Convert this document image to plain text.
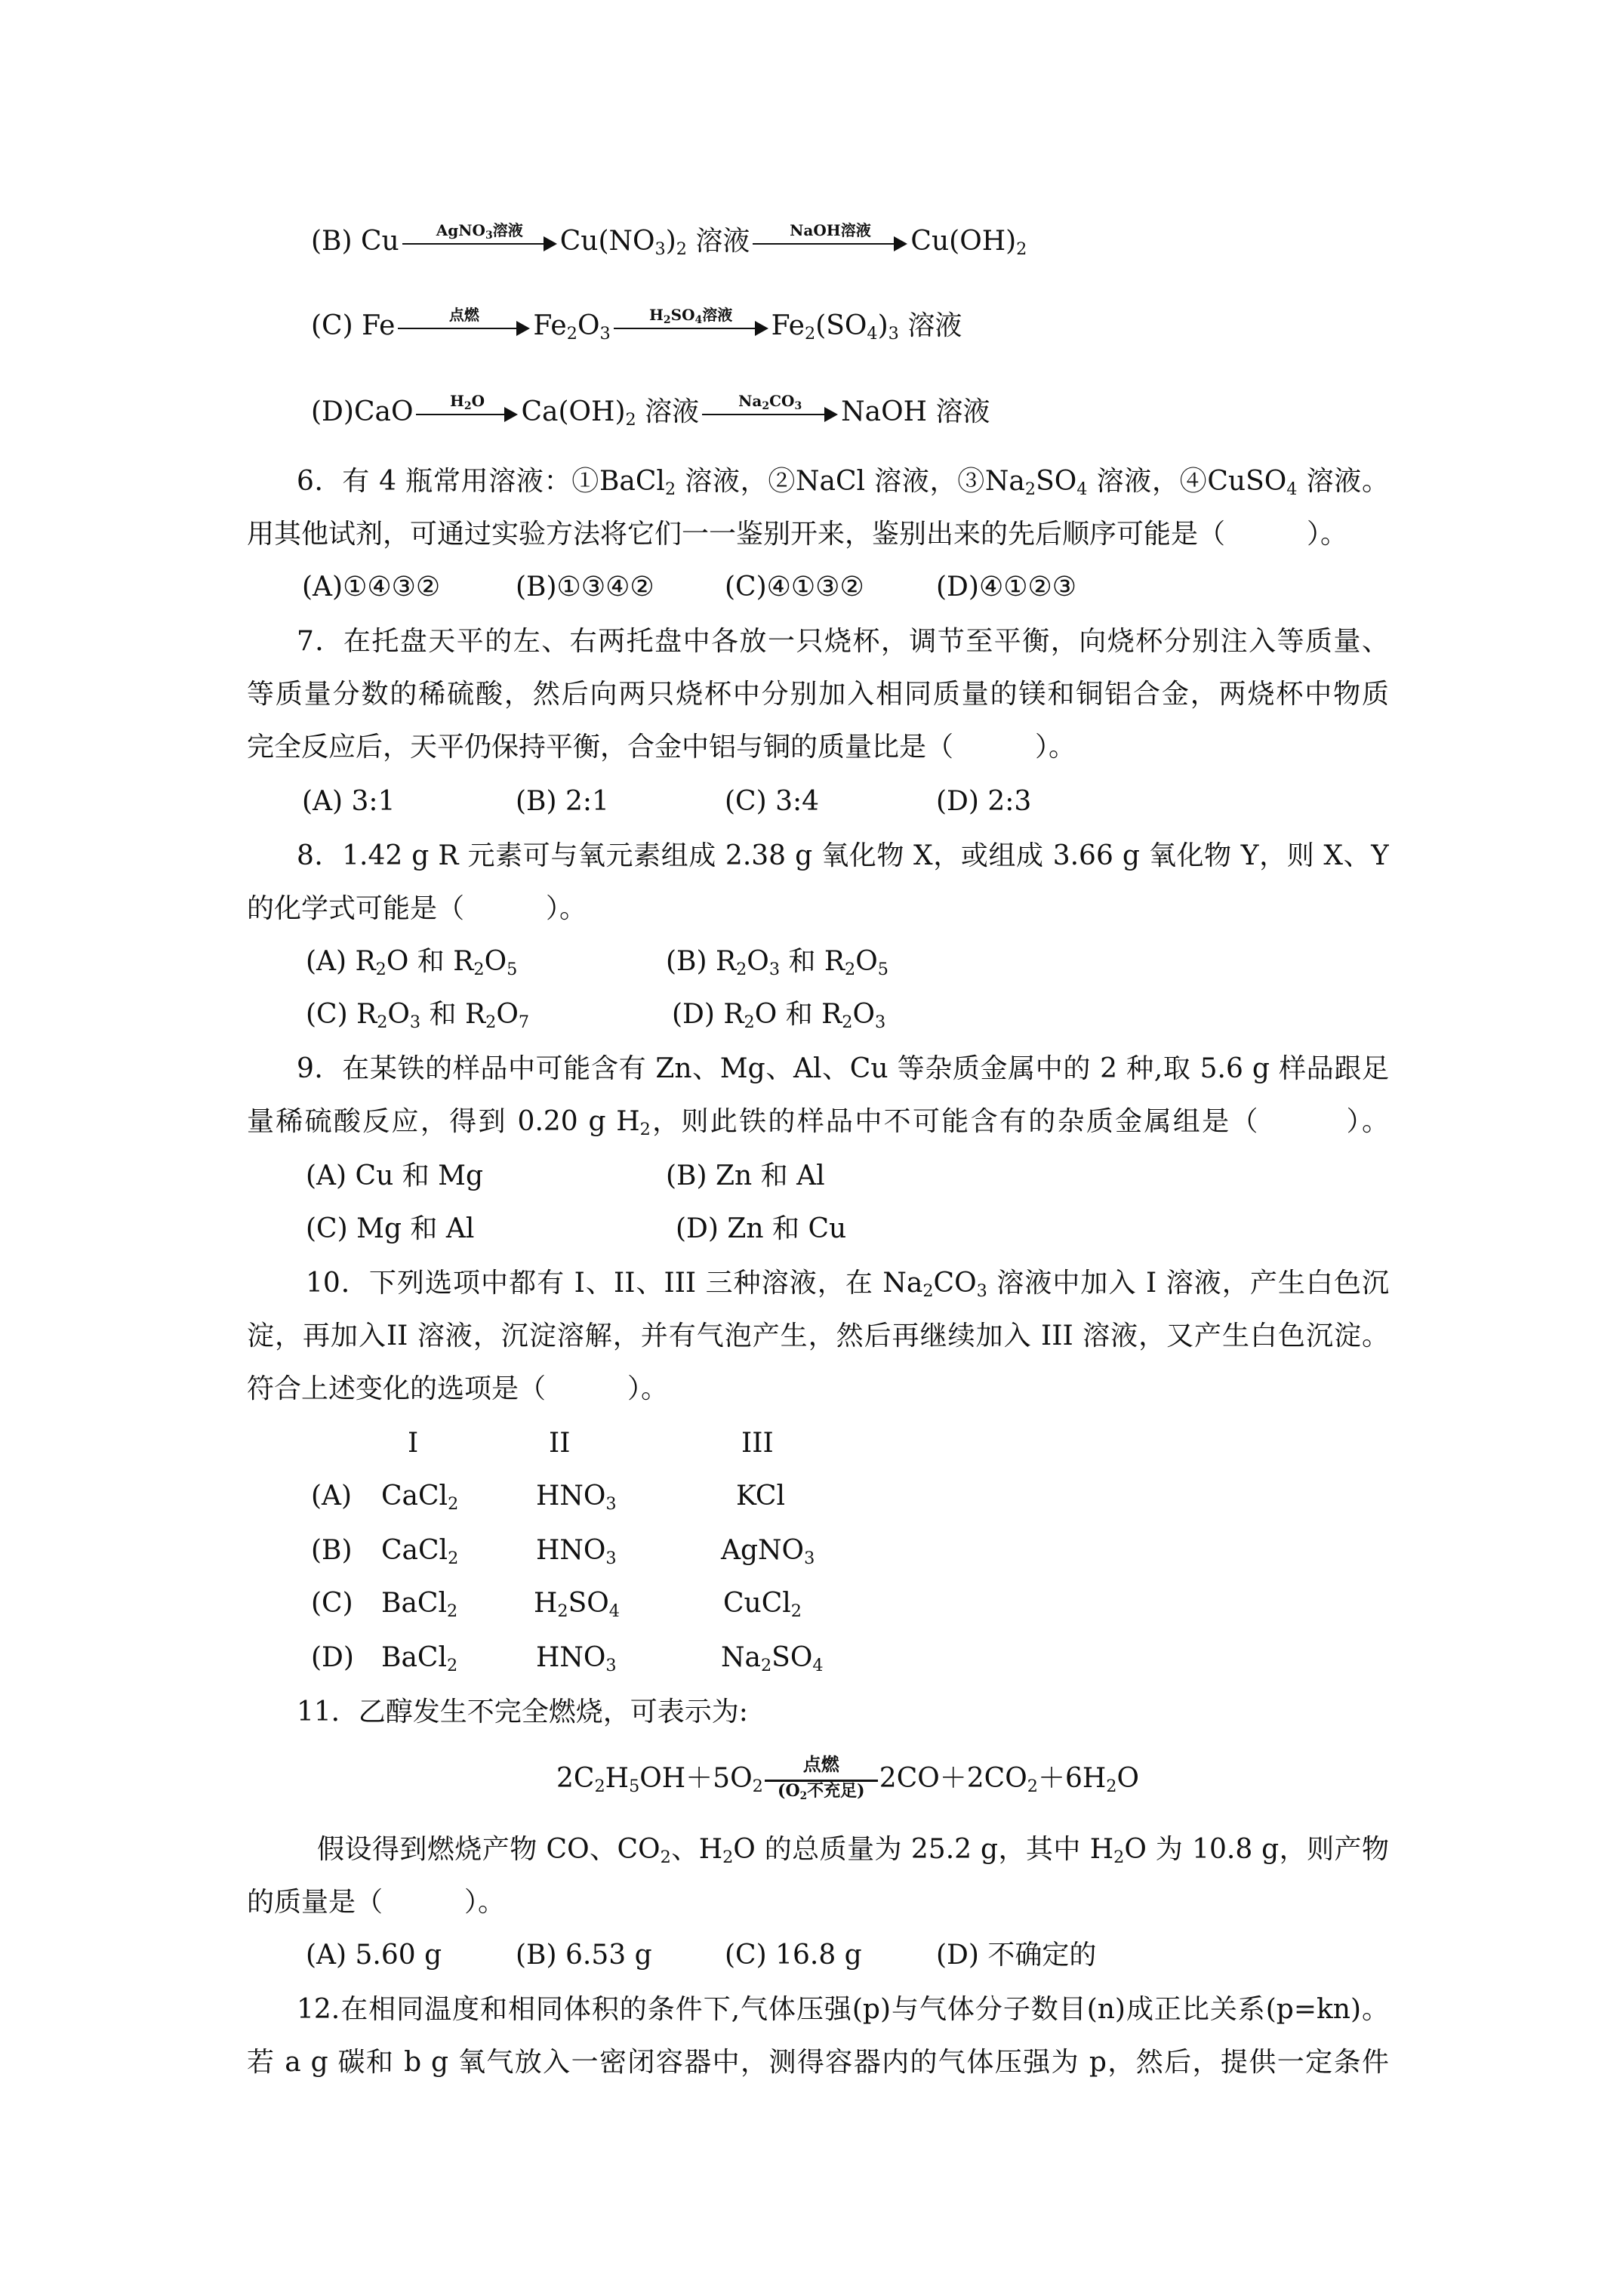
(B) Cu	AgNO$_3$溶液	$Cu(NO_3)_2$ 溶液	NaOH溶液	$Cu(OH)_2$
(C) Fe	点燃	$Fe_2O_3$
$H_2SO_4$溶液	$Fe_2(SO_4)_3$ 溶液
(D)CaO	$H_2O$	$Ca(OH)_2$ 溶液	$Na_2CO_3$	NaOH 溶液
6．有 4 瓶常用溶液：①BaCl$_2$ 溶液，②NaCl 溶液，$③Na_2SO_4$ 溶液，④CuSO$_4$ 溶液。
用其他试剂，可通过实验方法将它们一一鉴别开来，鉴别出来的先后顺序可能是（　　　）。
(A)①④③②	(B)①③④②	(C)④①③②	(D)④①②③
7．在托盘天平的左、右两托盘中各放一只烧杯，调节至平衡，向烧杯分别注入等质量、
等质量分数的稀硫酸，然后向两只烧杯中分别加入相同质量的镁和铜铝合金，两烧杯中物质
完全反应后，天平仍保持平衡，合金中铝与铜的质量比是（　　　）。
(A) 3:1	(B) 2:1	(C) 3:4	(D) 2:3
8．1.42 g R 元素可与氧元素组成 2.38 g 氧化物 X，或组成 3.66 g 氧化物 Y，则 X、Y
的化学式可能是（　　　）。
(A) $R_2O$ 和 $R_2O_5$	(B) $R_2O_3$ 和 $R_2O_5$
(C) $R_2O_3$ 和 $R_2O_7$	(D) $R_2O$ 和 $R_2O_3$
9．在某铁的样品中可能含有 Zn、Mg、Al、Cu 等杂质金属中的 2 种,取 5.6 g 样品跟足
量稀硫酸反应，得到 0.20 g $H_2$，则此铁的样品中不可能含有的杂质金属组是（　　　）。
(A) Cu 和 Mg	(B) Zn 和 Al
(C) Mg 和 Al	(D) Zn 和 Cu
10．下列选项中都有 I、II、III 三种溶液，在 $Na_2CO_3$ 溶液中加入 I 溶液，产生白色沉
淀，再加入II 溶液，沉淀溶解，并有气泡产生，然后再继续加入 III 溶液，又产生白色沉淀。
符合上述变化的选项是（　　　）。
I	II	III
(A) CaCl$_2$	$HNO_3$	KCl
(B) CaCl$_2$	$HNO_3$	AgNO$_3$
(C) BaCl$_2$	$H_2SO_4$	CuCl$_2$
(D) BaCl$_2$	$HNO_3$	$Na_2SO_4$
11．乙醇发生不完全燃烧，可表示为:
$2C_2H_5OH+5O_2$
点燃
($O_2$不充足) $2CO+2CO_2+6H_2O$
假设得到燃烧产物 CO、$CO_2$、$H_2O$ 的总质量为 25.2 g，其中 $H_2O$ 为 10.8 g，则产物
的质量是（　　　）。
(A) 5.60 g	(B) 6.53 g	(C) 16.8 g	(D) 不确定的
12.在相同温度和相同体积的条件下,气体压强(p)与气体分子数目(n)成正比关系(p=kn)。
若 a g 碳和 b g 氧气放入一密闭容器中，测得容器内的气体压强为 p，然后，提供一定条件
